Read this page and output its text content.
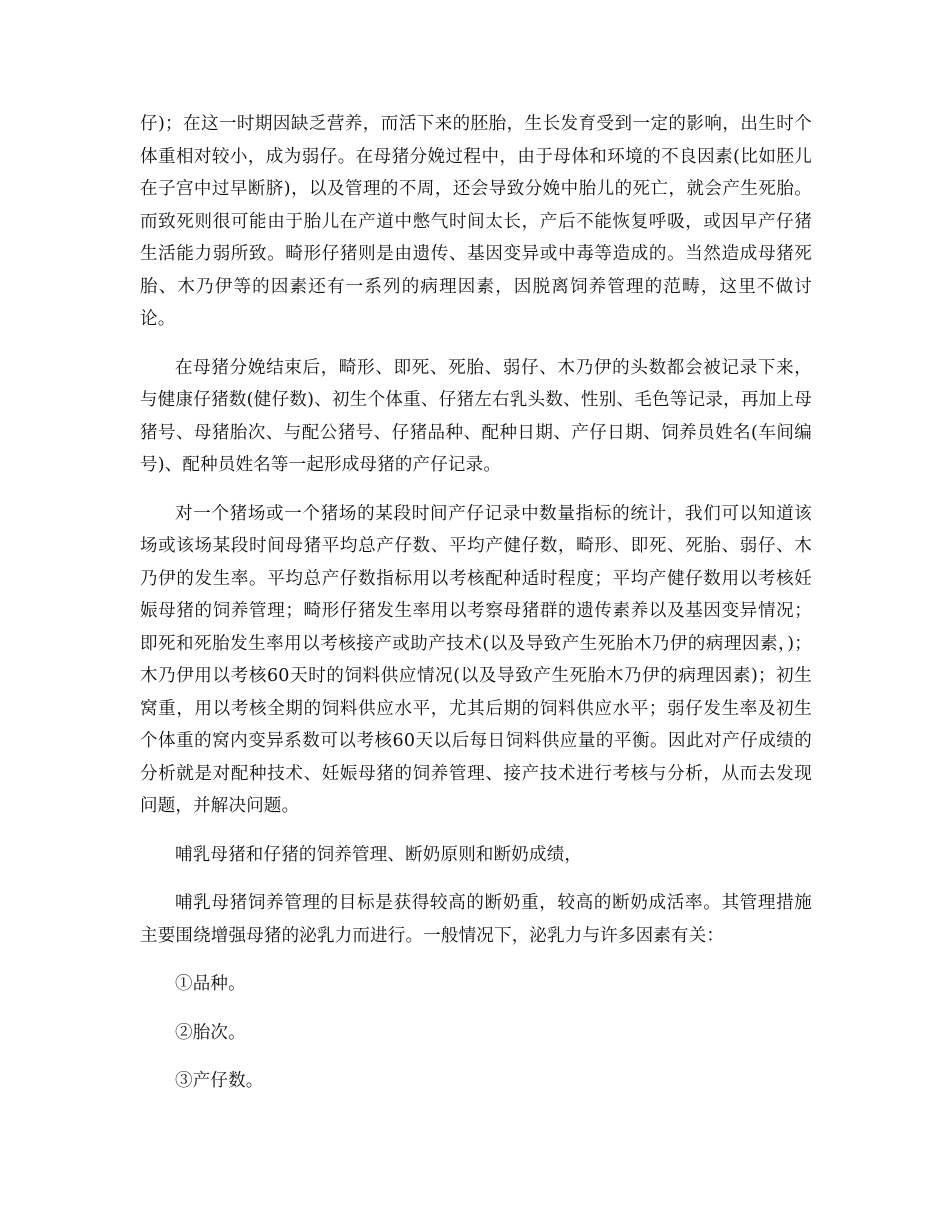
仔)；在这一时期因缺乏营养，而活下来的胚胎，生长发育受到一定的影响，出生时个体重相对较小，成为弱仔。在母猪分娩过程中，由于母体和环境的不良因素(比如胚儿在子宫中过早断脐)，以及管理的不周，还会导致分娩中胎儿的死亡，就会产生死胎。而致死则很可能由于胎儿在产道中憋气时间太长，产后不能恢复呼吸，或因早产仔猪生活能力弱所致。畸形仔猪则是由遗传、基因变异或中毒等造成的。当然造成母猪死胎、木乃伊等的因素还有一系列的病理因素，因脱离饲养管理的范畴，这里不做讨论。

在母猪分娩结束后，畸形、即死、死胎、弱仔、木乃伊的头数都会被记录下来，与健康仔猪数(健仔数)、初生个体重、仔猪左右乳头数、性别、毛色等记录，再加上母猪号、母猪胎次、与配公猪号、仔猪品种、配种日期、产仔日期、饲养员姓名(车间编号)、配种员姓名等一起形成母猪的产仔记录。

对一个猪场或一个猪场的某段时间产仔记录中数量指标的统计，我们可以知道该场或该场某段时间母猪平均总产仔数、平均产健仔数，畸形、即死、死胎、弱仔、木乃伊的发生率。平均总产仔数指标用以考核配种适时程度；平均产健仔数用以考核妊娠母猪的饲养管理；畸形仔猪发生率用以考察母猪群的遗传素养以及基因变异情况；即死和死胎发生率用以考核接产或助产技术(以及导致产生死胎木乃伊的病理因素，)；木乃伊用以考核60天时的饲料供应情况(以及导致产生死胎木乃伊的病理因素)；初生窝重，用以考核全期的饲料供应水平，尤其后期的饲料供应水平；弱仔发生率及初生个体重的窝内变异系数可以考核60天以后每日饲料供应量的平衡。因此对产仔成绩的分析就是对配种技术、妊娠母猪的饲养管理、接产技术进行考核与分析，从而去发现问题，并解决问题。

哺乳母猪和仔猪的饲养管理、断奶原则和断奶成绩，

哺乳母猪饲养管理的目标是获得较高的断奶重，较高的断奶成活率。其管理措施主要围绕增强母猪的泌乳力而进行。一般情况下，泌乳力与许多因素有关：

①品种。

②胎次。

③产仔数。
